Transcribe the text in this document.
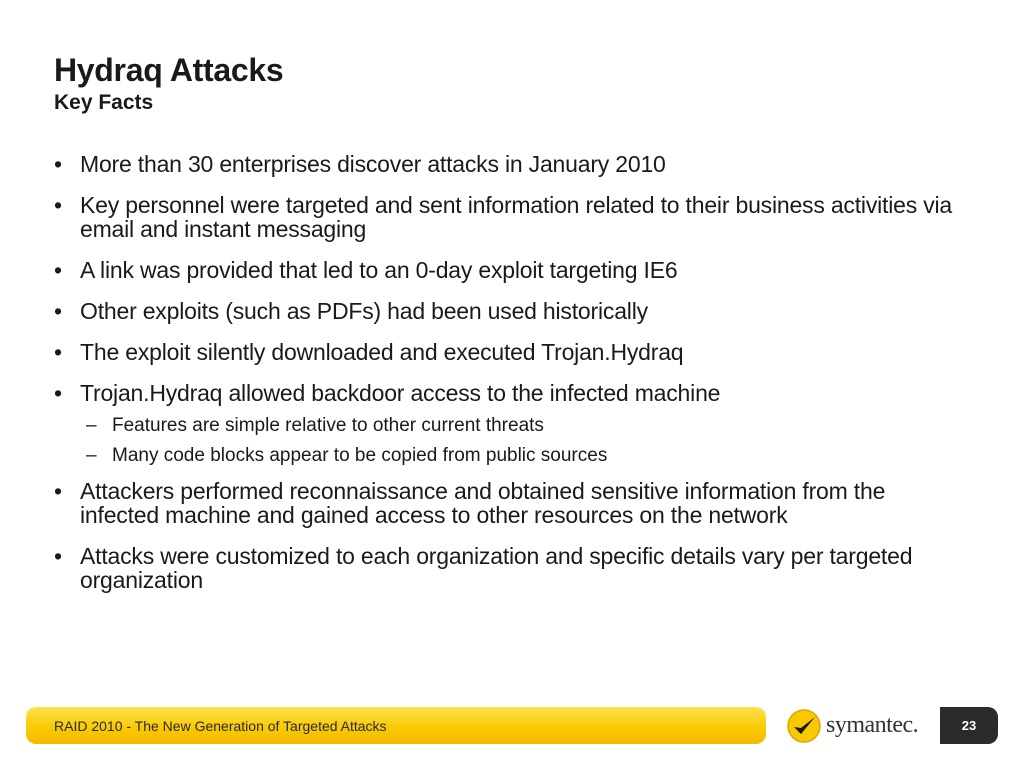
Hydraq Attacks
Key Facts
• More than 30 enterprises discover attacks in January 2010
• Key personnel were targeted and sent information related to their business activities via email and instant messaging
• A link was provided that led to an 0-day exploit targeting IE6
• Other exploits (such as PDFs) had been used historically
• The exploit silently downloaded and executed Trojan.Hydraq
• Trojan.Hydraq allowed backdoor access to the infected machine
– Features are simple relative to other current threats
– Many code blocks appear to be copied from public sources
• Attackers performed reconnaissance and obtained sensitive information from the infected machine and gained access to other resources on the network
• Attacks were customized to each organization and specific details vary per targeted organization
RAID 2010 - The New Generation of Targeted Attacks	symantec.	23
